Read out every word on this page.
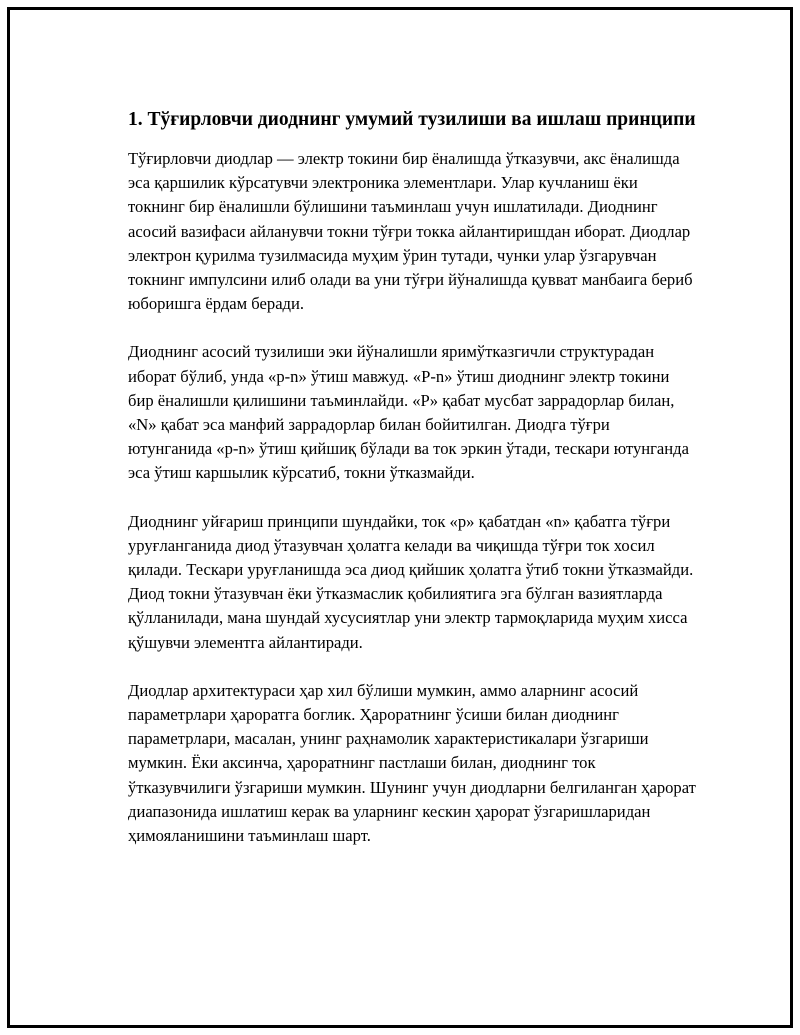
1. Тўғирловчи диоднинг умумий тузилиши ва ишлаш принципи

Тўғирловчи диодлар — электр токини бир ёналишда ўтказувчи, акс ёналишда эса қаршилик кўрсатувчи электроника элементлари. Улар кучланиш ёки токнинг бир ёналишли бўлишини таъминлаш учун ишлатилади. Диоднинг асосий вазифаси айланувчи токни тўғри токка айлантиришдан иборат. Диодлар электрон қурилма тузилмасида муҳим ўрин тутади, чунки улар ўзгарувчан токнинг импулсини илиб олади ва уни тўғри йўналишда қувват манбаига бериб юборишга ёрдам беради.

Диоднинг асосий тузилиши эки йўналишли яримўтказгичли структурадан иборат бўлиб, унда «p-n» ўтиш мавжуд. «P-n» ўтиш диоднинг электр токини бир ёналишли қилишини таъминлайди. «P» қабат мусбат заррадорлар билан, «N» қабат эса манфий заррадорлар билан бойитилган. Диодга тўғри ютунганида «p-n» ўтиш қийшиқ бўлади ва ток эркин ўтади, тескари ютунганда эса ўтиш каршылик кўрсатиб, токни ўтказмайди.

Диоднинг уйғариш принципи шундайки, ток «p» қабатдан «n» қабатга тўғри уруғланганида диод ўтазувчан ҳолатга келади ва чиқишда тўғри ток хосил қилади. Тескари уруғланишда эса диод қийшик ҳолатга ўтиб токни ўтказмайди. Диод токни ўтазувчан ёки ўтказмаслик қобилиятига эга бўлган вазиятларда қўлланилади, мана шундай хусусиятлар уни электр тармоқларида муҳим хисса қўшувчи элементга айлантиради.

Диодлар архитектураси ҳар хил бўлиши мумкин, аммо аларнинг асосий параметрлари ҳароратга боглик. Ҳароратнинг ўсиши билан диоднинг параметрлари, масалан, унинг раҳнамолик характеристикалари ўзгариши мумкин. Ёки аксинча, ҳароратнинг пастлаши билан, диоднинг ток ўтказувчилиги ўзгариши мумкин. Шунинг учун диодларни белгиланган ҳарорат диапазонида ишлатиш керак ва уларнинг кескин ҳарорат ўзгаришларидан ҳимояланишини таъминлаш шарт.
